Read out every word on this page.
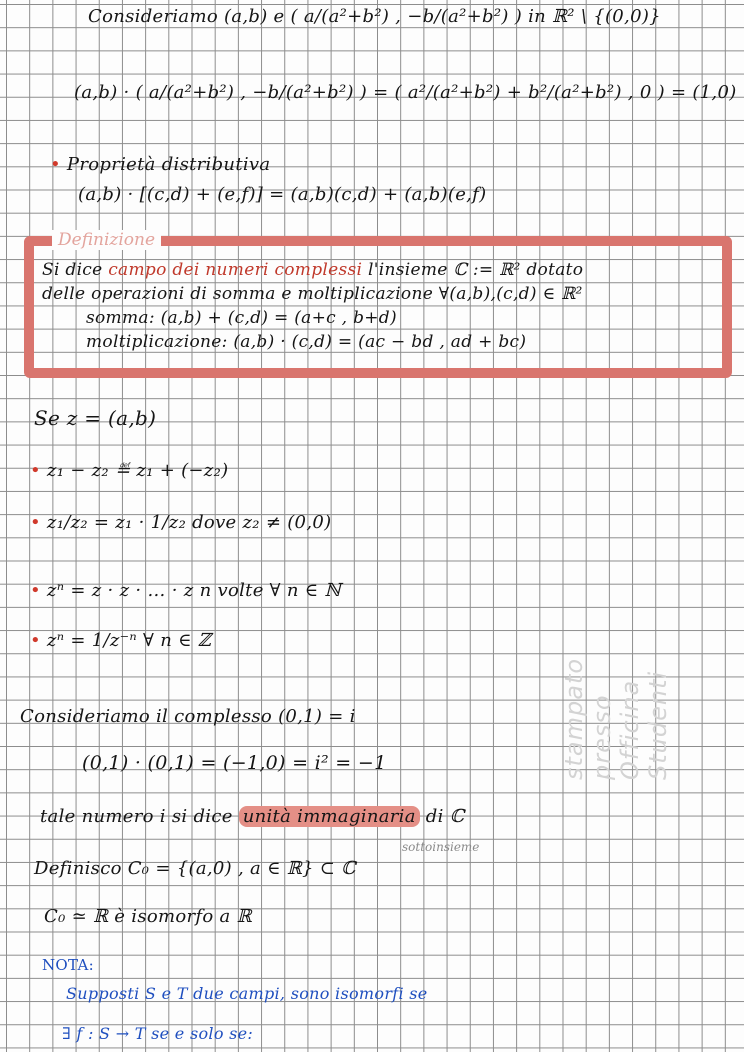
Consideriamo (a,b) e ( a/(a²+b²) , −b/(a²+b²) ) in ℝ² \ {(0,0)}
(a,b) · ( a/(a²+b²) , −b/(a²+b²) ) = ( a²/(a²+b²) + b²/(a²+b²) , 0 ) = (1,0)
• Proprietà distributiva
(a,b) · [(c,d) + (e,f)] = (a,b)(c,d) + (a,b)(e,f)
Definizione
Si dice campo dei numeri complessi l'insieme ℂ := ℝ² dotato
delle operazioni di somma e moltiplicazione ∀(a,b),(c,d) ∈ ℝ²
somma: (a,b) + (c,d) = (a+c , b+d)
moltiplicazione: (a,b) · (c,d) = (ac − bd , ad + bc)
Se z = (a,b)
• z₁ − z₂ ≝ z₁ + (−z₂)
• z₁/z₂ = z₁ · 1/z₂ dove z₂ ≠ (0,0)
• zⁿ = z · z · … · z n volte ∀ n ∈ ℕ
• zⁿ = 1/z⁻ⁿ ∀ n ∈ ℤ
Consideriamo il complesso (0,1) = i
(0,1) · (0,1) = (−1,0) = i² = −1
tale numero i si dice unità immaginaria di ℂ
sottoinsieme
Definisco C₀ = {(a,0) , a ∈ ℝ} ⊂ ℂ
C₀ ≃ ℝ è isomorfo a ℝ
NOTA:
Supposti S e T due campi, sono isomorfi se
∃ f : S → T se e solo se:
stampato presso Officina Studenti
